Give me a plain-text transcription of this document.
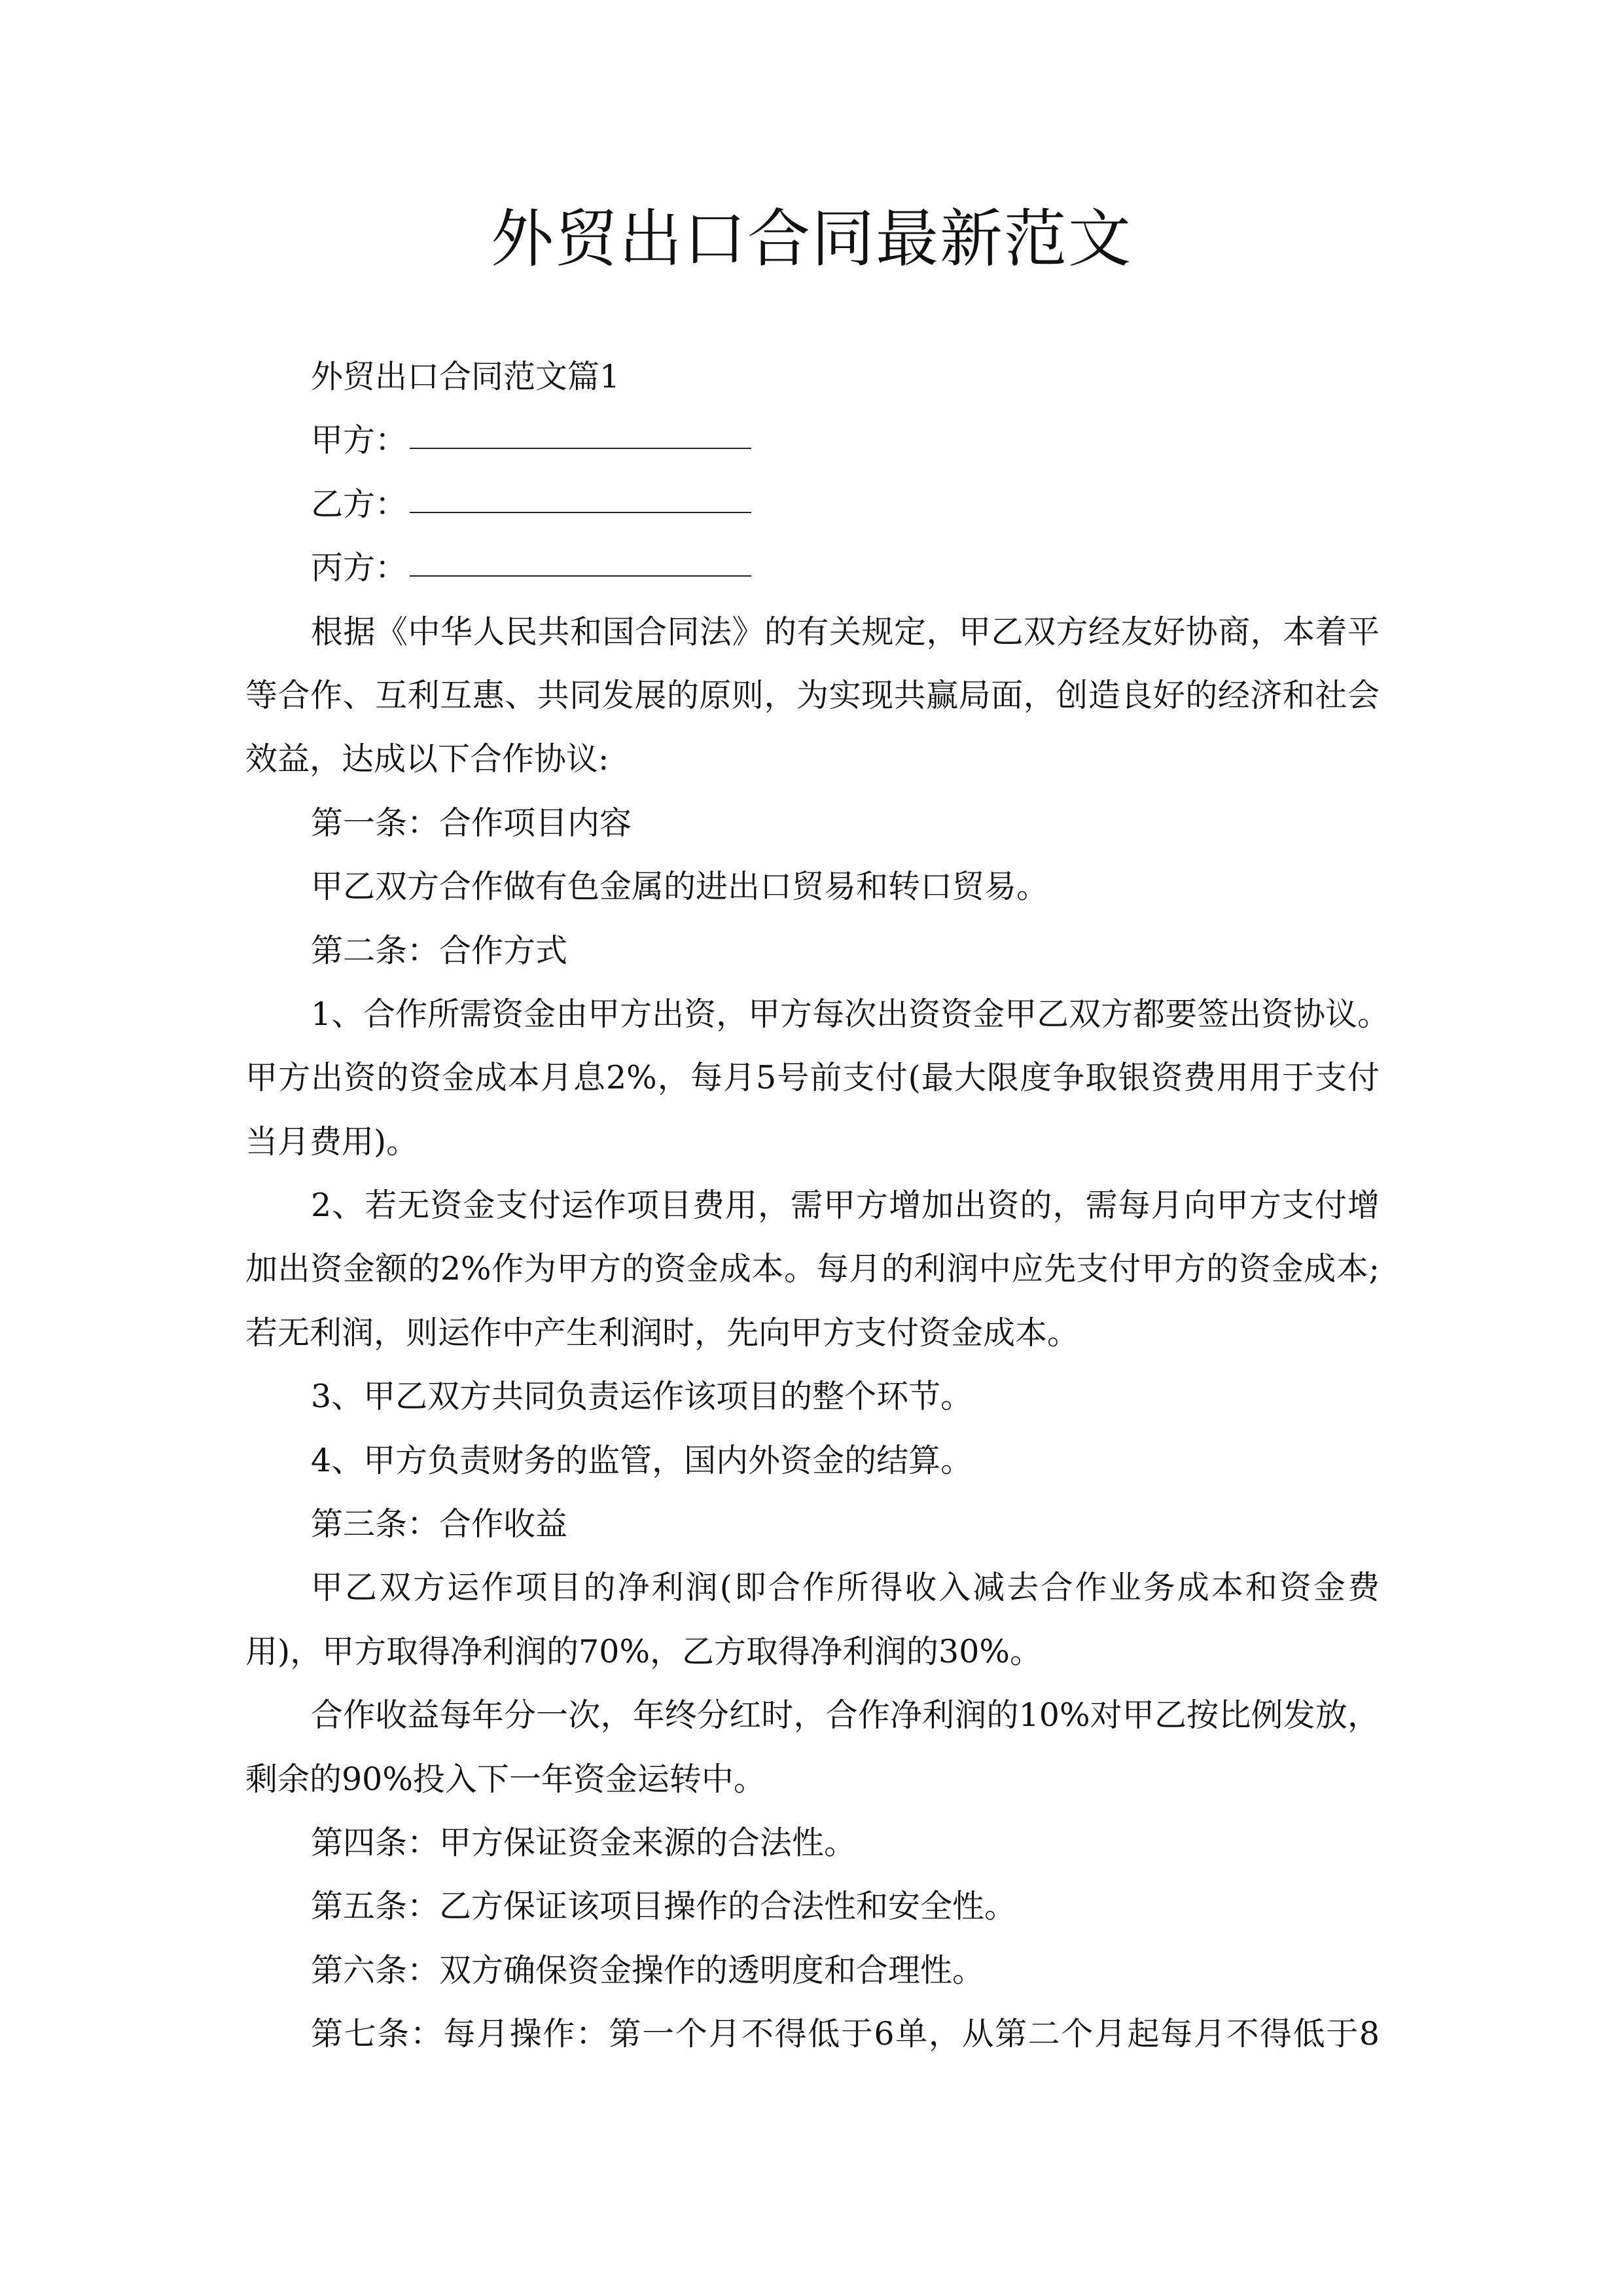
外贸出口合同最新范文
外贸出口合同范文篇1
甲方：
乙方：
丙方：
根据《中华人民共和国合同法》的有关规定，甲乙双方经友好协商，本着平
等合作、互利互惠、共同发展的原则，为实现共赢局面，创造良好的经济和社会
效益，达成以下合作协议:
第一条：合作项目内容
甲乙双方合作做有色金属的进出口贸易和转口贸易。
第二条：合作方式
1、合作所需资金由甲方出资，甲方每次出资资金甲乙双方都要签出资协议。
甲方出资的资金成本月息2%，每月5号前支付(最大限度争取银资费用用于支付
当月费用)。
2、若无资金支付运作项目费用，需甲方增加出资的，需每月向甲方支付增
加出资金额的2%作为甲方的资金成本。每月的利润中应先支付甲方的资金成本;
若无利润，则运作中产生利润时，先向甲方支付资金成本。
3、甲乙双方共同负责运作该项目的整个环节。
4、甲方负责财务的监管，国内外资金的结算。
第三条：合作收益
甲乙双方运作项目的净利润(即合作所得收入减去合作业务成本和资金费
用)，甲方取得净利润的70%，乙方取得净利润的30%。
合作收益每年分一次，年终分红时，合作净利润的10%对甲乙按比例发放，
剩余的90%投入下一年资金运转中。
第四条：甲方保证资金来源的合法性。
第五条：乙方保证该项目操作的合法性和安全性。
第六条：双方确保资金操作的透明度和合理性。
第七条：每月操作：第一个月不得低于6单，从第二个月起每月不得低于8
